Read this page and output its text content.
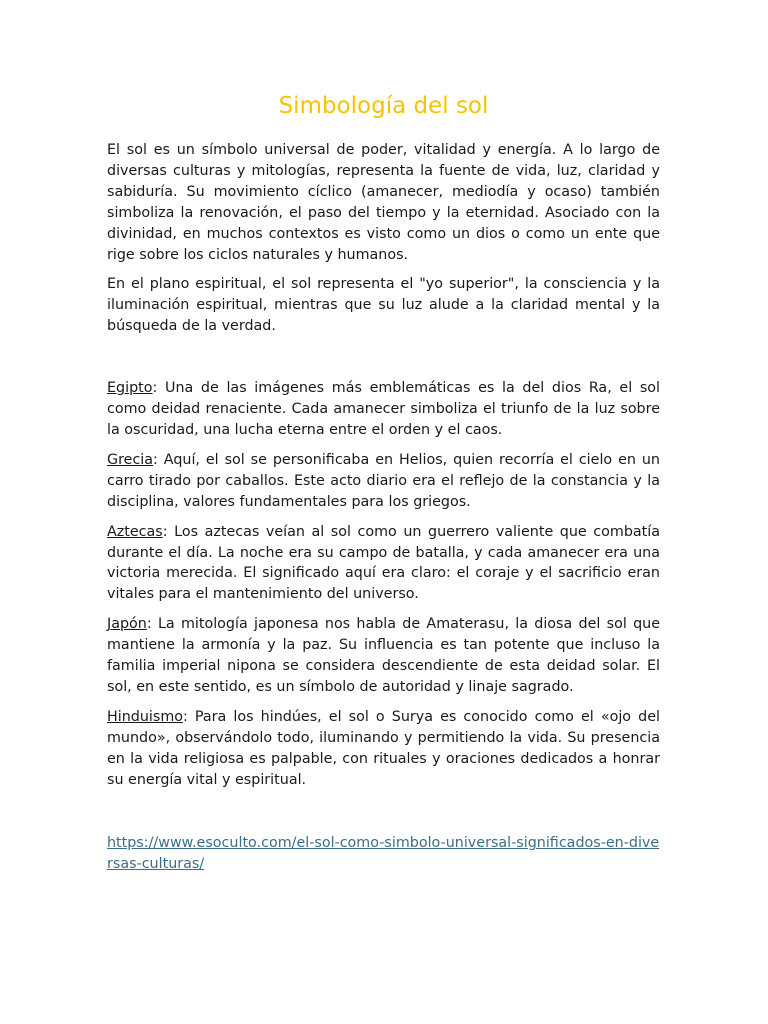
Simbología del sol

El sol es un símbolo universal de poder, vitalidad y energía. A lo largo de diversas culturas y mitologías, representa la fuente de vida, luz, claridad y sabiduría. Su movimiento cíclico (amanecer, mediodía y ocaso) también simboliza la renovación, el paso del tiempo y la eternidad. Asociado con la divinidad, en muchos contextos es visto como un dios o como un ente que rige sobre los ciclos naturales y humanos.

En el plano espiritual, el sol representa el "yo superior", la consciencia y la iluminación espiritual, mientras que su luz alude a la claridad mental y la búsqueda de la verdad.

Egipto: Una de las imágenes más emblemáticas es la del dios Ra, el sol como deidad renaciente. Cada amanecer simboliza el triunfo de la luz sobre la oscuridad, una lucha eterna entre el orden y el caos.

Grecia: Aquí, el sol se personificaba en Helios, quien recorría el cielo en un carro tirado por caballos. Este acto diario era el reflejo de la constancia y la disciplina, valores fundamentales para los griegos.

Aztecas: Los aztecas veían al sol como un guerrero valiente que combatía durante el día. La noche era su campo de batalla, y cada amanecer era una victoria merecida. El significado aquí era claro: el coraje y el sacrificio eran vitales para el mantenimiento del universo.

Japón: La mitología japonesa nos habla de Amaterasu, la diosa del sol que mantiene la armonía y la paz. Su influencia es tan potente que incluso la familia imperial nipona se considera descendiente de esta deidad solar. El sol, en este sentido, es un símbolo de autoridad y linaje sagrado.

Hinduismo: Para los hindúes, el sol o Surya es conocido como el «ojo del mundo», observándolo todo, iluminando y permitiendo la vida. Su presencia en la vida religiosa es palpable, con rituales y oraciones dedicados a honrar su energía vital y espiritual.

https://www.esoculto.com/el-sol-como-simbolo-universal-significados-en-diversas-culturas/
